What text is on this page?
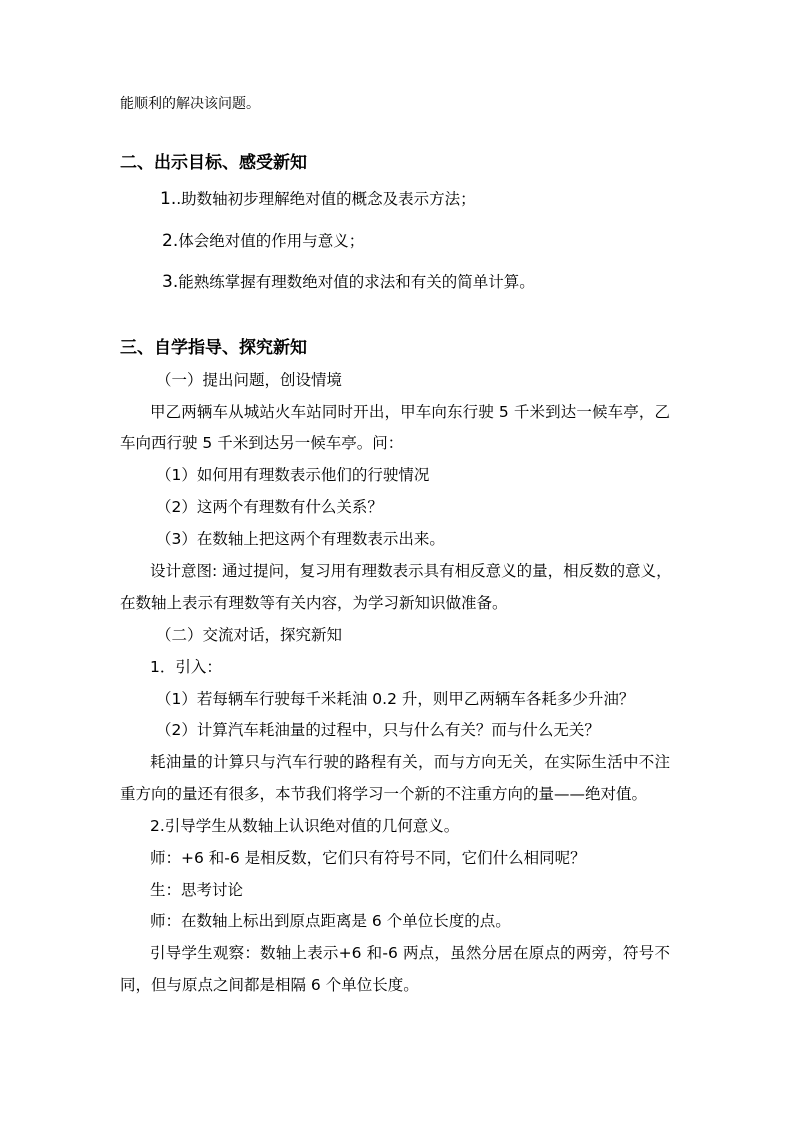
能顺利的解决该问题。
二、出示目标、感受新知
1..助数轴初步理解绝对值的概念及表示方法；
2.体会绝对值的作用与意义；
3.能熟练掌握有理数绝对值的求法和有关的简单计算。
三、自学指导、探究新知
（一）提出问题，创设情境
甲乙两辆车从城站火车站同时开出，甲车向东行驶 5 千米到达一候车亭，乙
车向西行驶 5 千米到达另一候车亭。问：
（1）如何用有理数表示他们的行驶情况
（2）这两个有理数有什么关系？
（3）在数轴上把这两个有理数表示出来。
设计意图: 通过提问，复习用有理数表示具有相反意义的量，相反数的意义，
在数轴上表示有理数等有关内容，为学习新知识做准备。
（二）交流对话，探究新知
1．引入：
（1）若每辆车行驶每千米耗油 0.2 升，则甲乙两辆车各耗多少升油？
（2）计算汽车耗油量的过程中，只与什么有关？而与什么无关？
耗油量的计算只与汽车行驶的路程有关，而与方向无关，在实际生活中不注
重方向的量还有很多，本节我们将学习一个新的不注重方向的量——绝对值。
2.引导学生从数轴上认识绝对值的几何意义。
师：+6 和-6 是相反数，它们只有符号不同，它们什么相同呢？
生：思考讨论
师：在数轴上标出到原点距离是 6 个单位长度的点。
引导学生观察：数轴上表示+6 和-6 两点，虽然分居在原点的两旁，符号不
同，但与原点之间都是相隔 6 个单位长度。
